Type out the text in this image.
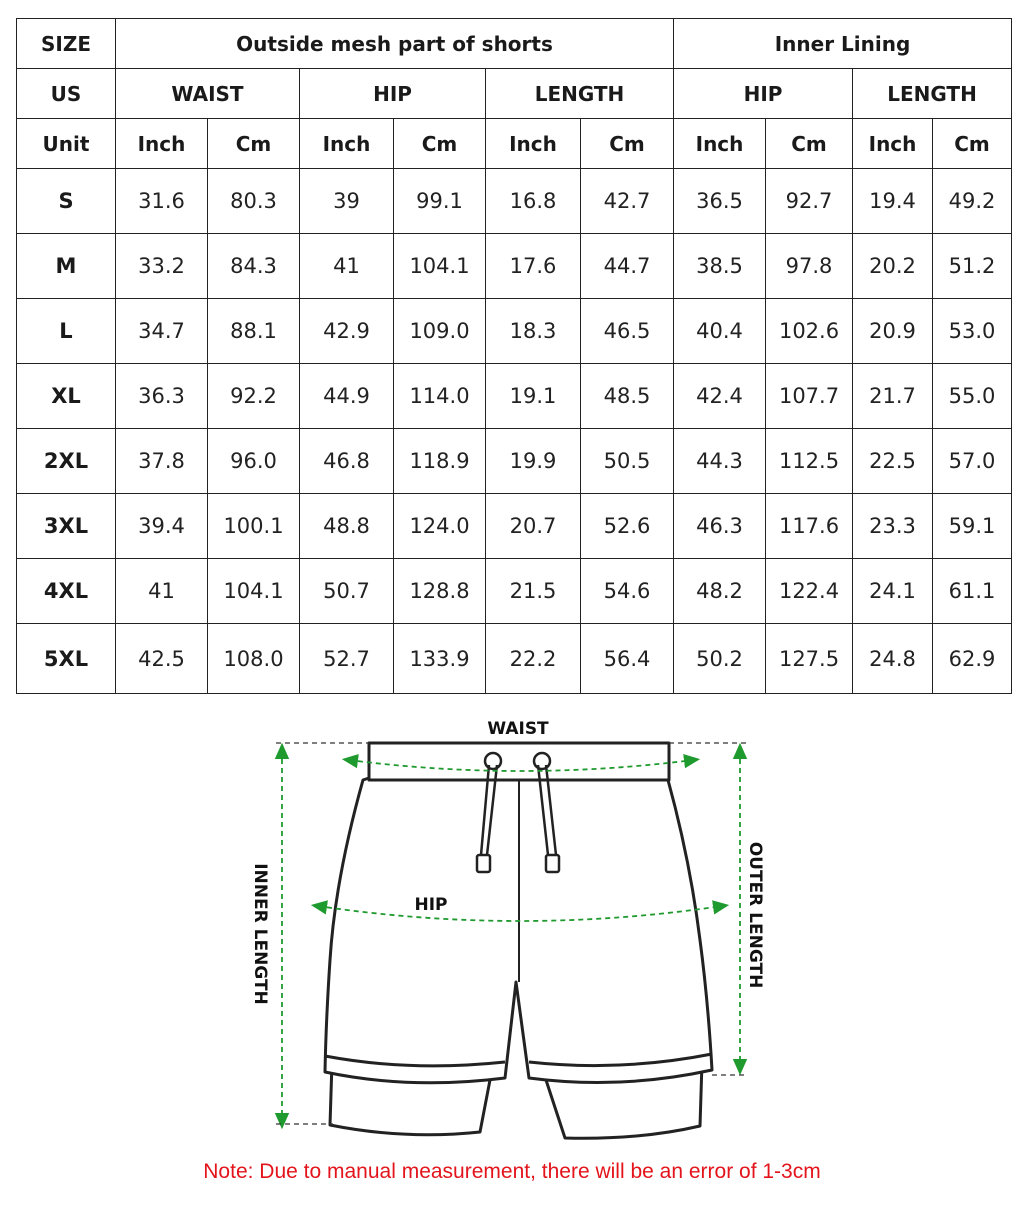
SIZE	Outside mesh part of shorts						Inner Lining			
US	WAIST		HIP		LENGTH		HIP		LENGTH	
Unit	Inch	Cm	Inch	Cm	Inch	Cm	Inch	Cm	Inch	Cm
S	31.6	80.3	39	99.1	16.8	42.7	36.5	92.7	19.4	49.2
M	33.2	84.3	41	104.1	17.6	44.7	38.5	97.8	20.2	51.2
L	34.7	88.1	42.9	109.0	18.3	46.5	40.4	102.6	20.9	53.0
XL	36.3	92.2	44.9	114.0	19.1	48.5	42.4	107.7	21.7	55.0
2XL	37.8	96.0	46.8	118.9	19.9	50.5	44.3	112.5	22.5	57.0
3XL	39.4	100.1	48.8	124.0	20.7	52.6	46.3	117.6	23.3	59.1
4XL	41	104.1	50.7	128.8	21.5	54.6	48.2	122.4	24.1	61.1
5XL	42.5	108.0	52.7	133.9	22.2	56.4	50.2	127.5	24.8	62.9
WAIST
HIP
INNER LENGTH	OUTER LENGTH
Note: Due to manual measurement, there will be an error of 1-3cm
